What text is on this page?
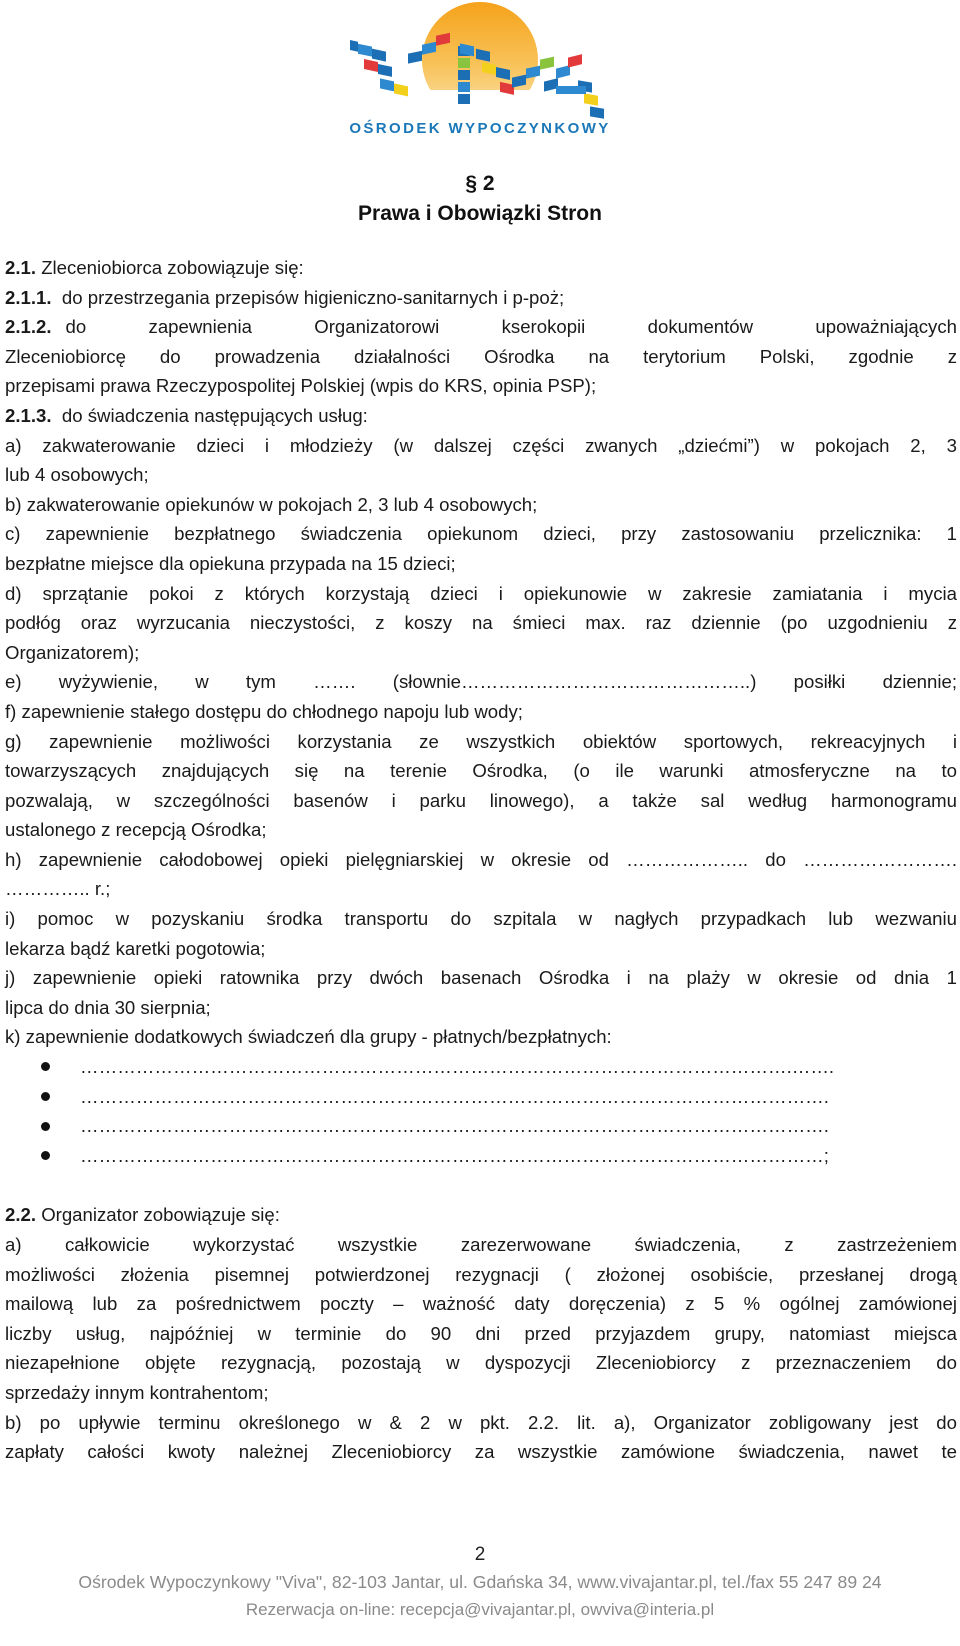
OŚRODEK WYPOCZYNKOWY
§ 2
Prawa i Obowiązki Stron
2.1. Zleceniobiorca zobowiązuje się:
2.1.1. do przestrzegania przepisów higieniczno-sanitarnych i p-poż;
2.1.2. do zapewnienia Organizatorowi kserokopii dokumentów upoważniających
Zleceniobiorcę do prowadzenia działalności Ośrodka na terytorium Polski, zgodnie z
przepisami prawa Rzeczypospolitej Polskiej (wpis do KRS, opinia PSP);
2.1.3. do świadczenia następujących usług:
a) zakwaterowanie dzieci i młodzieży (w dalszej części zwanych „dziećmi”) w pokojach 2, 3
lub 4 osobowych;
b) zakwaterowanie opiekunów w pokojach 2, 3 lub 4 osobowych;
c) zapewnienie bezpłatnego świadczenia opiekunom dzieci, przy zastosowaniu przelicznika: 1
bezpłatne miejsce dla opiekuna przypada na 15 dzieci;
d) sprzątanie pokoi z których korzystają dzieci i opiekunowie w zakresie zamiatania i mycia
podłóg oraz wyrzucania nieczystości, z koszy na śmieci max. raz dziennie (po uzgodnieniu z
Organizatorem);
e) wyżywienie, w tym ……. (słownie………………………………………..) posiłki dziennie;
f) zapewnienie stałego dostępu do chłodnego napoju lub wody;
g) zapewnienie możliwości korzystania ze wszystkich obiektów sportowych, rekreacyjnych i
towarzyszących znajdujących się na terenie Ośrodka, (o ile warunki atmosferyczne na to
pozwalają, w szczególności basenów i parku linowego), a także sal według harmonogramu
ustalonego z recepcją Ośrodka;
h) zapewnienie całodobowej opieki pielęgniarskiej w okresie od ……………….. do …………………….
………….. r.;
i) pomoc w pozyskaniu środka transportu do szpitala w nagłych przypadkach lub wezwaniu
lekarza bądź karetki pogotowia;
j) zapewnienie opieki ratownika przy dwóch basenach Ośrodka i na plaży w okresie od dnia 1
lipca do dnia 30 sierpnia;
k) zapewnienie dodatkowych świadczeń dla grupy - płatnych/bezpłatnych:
…………………………………………………………………………………………………….…….
………………………………………………………………………………………………………….
………………………………………………………………………………………………………….
…………………………………………………………………………………………………………;
2.2. Organizator zobowiązuje się:
a) całkowicie wykorzystać wszystkie zarezerwowane świadczenia, z zastrzeżeniem
możliwości złożenia pisemnej potwierdzonej rezygnacji ( złożonej osobiście, przesłanej drogą
mailową lub za pośrednictwem poczty – ważność daty doręczenia) z 5 % ogólnej zamówionej
liczby usług, najpóźniej w terminie do 90 dni przed przyjazdem grupy, natomiast miejsca
niezapełnione objęte rezygnacją, pozostają w dyspozycji Zleceniobiorcy z przeznaczeniem do
sprzedaży innym kontrahentom;
b) po upływie terminu określonego w & 2 w pkt. 2.2. lit. a), Organizator zobligowany jest do
zapłaty całości kwoty należnej Zleceniobiorcy za wszystkie zamówione świadczenia, nawet te
2
Ośrodek Wypoczynkowy "Viva", 82-103 Jantar, ul. Gdańska 34, www.vivajantar.pl, tel./fax 55 247 89 24
Rezerwacja on-line: recepcja@vivajantar.pl, owviva@interia.pl
